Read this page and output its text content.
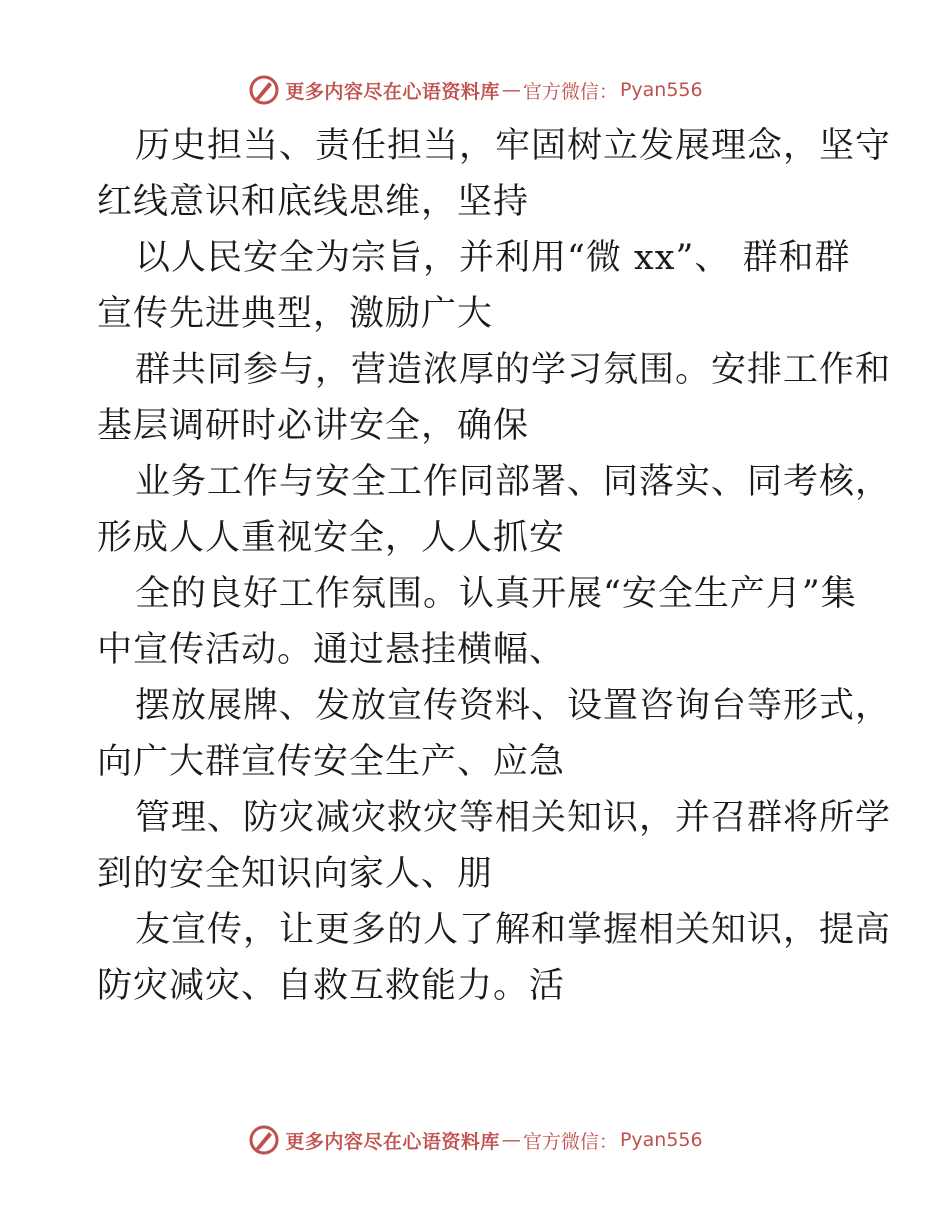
更多内容尽在心语资料库 — 官方微信： Pyan556

历史担当、责任担当，牢固树立发展理念，坚守
红线意识和底线思维，坚持

以人民安全为宗旨，并利用“微 xx”、 群和群
宣传先进典型，激励广大

群共同参与，营造浓厚的学习氛围。安排工作和
基层调研时必讲安全，确保

业务工作与安全工作同部署、同落实、同考核，
形成人人重视安全，人人抓安

全的良好工作氛围。认真开展“安全生产月”集
中宣传活动。通过悬挂横幅、

摆放展牌、发放宣传资料、设置咨询台等形式，
向广大群宣传安全生产、应急

管理、防灾减灾救灾等相关知识，并召群将所学
到的安全知识向家人、朋

友宣传，让更多的人了解和掌握相关知识，提高
防灾减灾、自救互救能力。活

更多内容尽在心语资料库 — 官方微信： Pyan556
